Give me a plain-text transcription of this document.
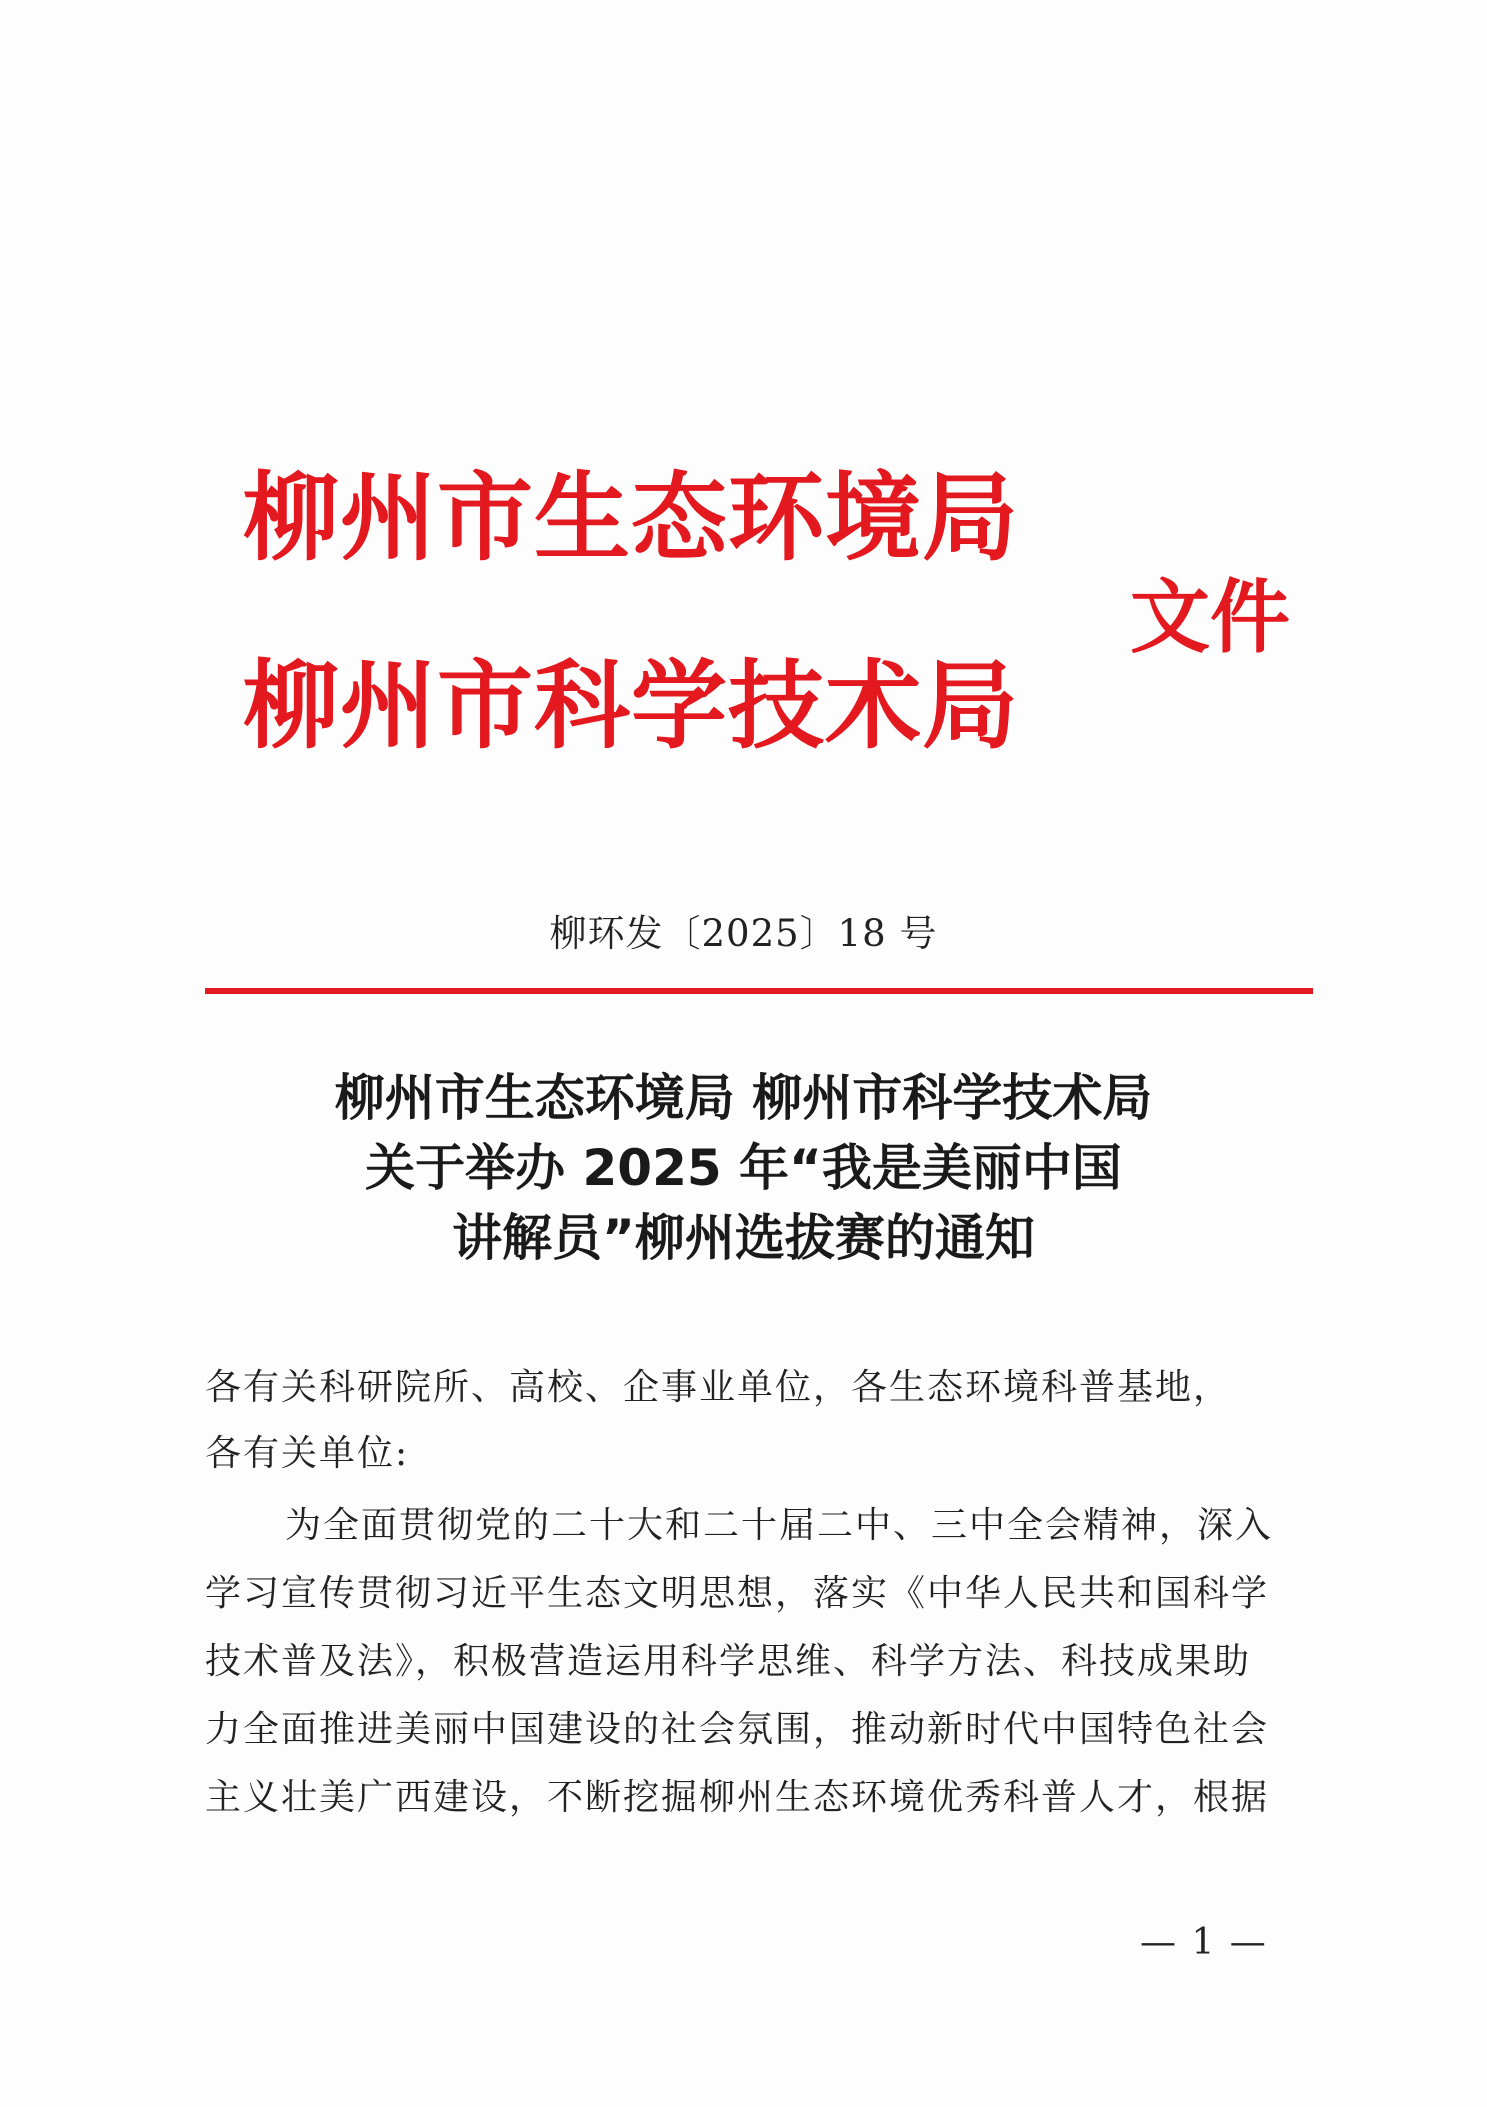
柳州市生态环境局
柳州市科学技术局
文件
柳环发〔2025〕18 号
柳州市生态环境局 柳州市科学技术局
关于举办 2025 年“我是美丽中国
讲解员”柳州选拔赛的通知
各有关科研院所、高校、企事业单位，各生态环境科普基地，
各有关单位:
为全面贯彻党的二十大和二十届二中、三中全会精神，深入
学习宣传贯彻习近平生态文明思想，落实《中华人民共和国科学
技术普及法》，积极营造运用科学思维、科学方法、科技成果助
力全面推进美丽中国建设的社会氛围，推动新时代中国特色社会
主义壮美广西建设，不断挖掘柳州生态环境优秀科普人才，根据
— 1 —
